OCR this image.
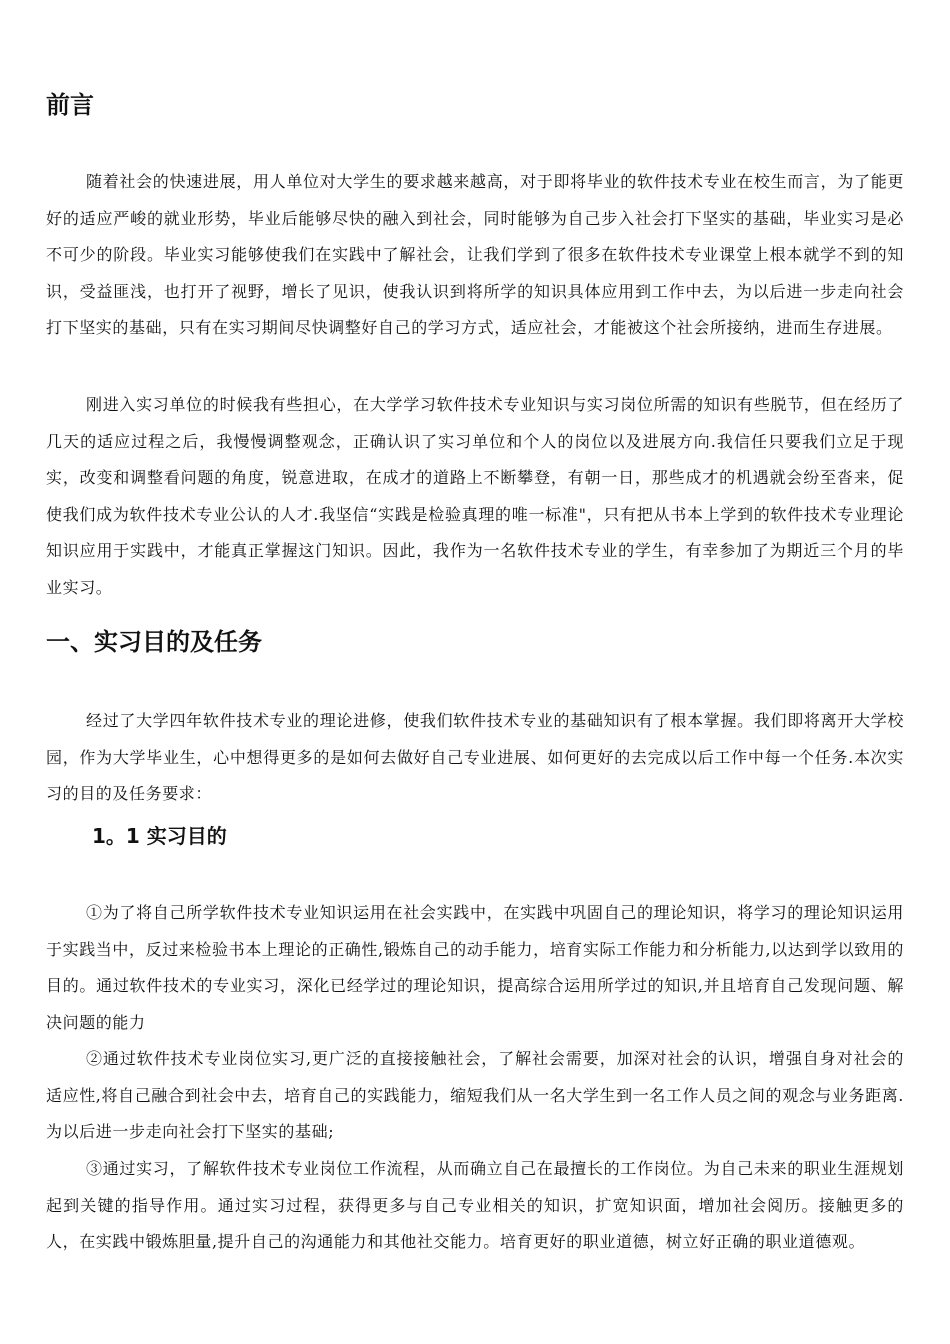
前言

随着社会的快速进展，用人单位对大学生的要求越来越高，对于即将毕业的软件技术专业在校生而言，为了能更好的适应严峻的就业形势，毕业后能够尽快的融入到社会，同时能够为自己步入社会打下坚实的基础，毕业实习是必不可少的阶段。毕业实习能够使我们在实践中了解社会，让我们学到了很多在软件技术专业课堂上根本就学不到的知识，受益匪浅，也打开了视野，增长了见识，使我认识到将所学的知识具体应用到工作中去，为以后进一步走向社会打下坚实的基础，只有在实习期间尽快调整好自己的学习方式，适应社会，才能被这个社会所接纳，进而生存进展。

刚进入实习单位的时候我有些担心，在大学学习软件技术专业知识与实习岗位所需的知识有些脱节，但在经历了几天的适应过程之后，我慢慢调整观念，正确认识了实习单位和个人的岗位以及进展方向.我信任只要我们立足于现实，改变和调整看问题的角度，锐意进取，在成才的道路上不断攀登，有朝一日，那些成才的机遇就会纷至沓来，促使我们成为软件技术专业公认的人才.我坚信“实践是检验真理的唯一标准"，只有把从书本上学到的软件技术专业理论知识应用于实践中，才能真正掌握这门知识。因此，我作为一名软件技术专业的学生，有幸参加了为期近三个月的毕业实习。

一、实习目的及任务

经过了大学四年软件技术专业的理论进修，使我们软件技术专业的基础知识有了根本掌握。我们即将离开大学校园，作为大学毕业生，心中想得更多的是如何去做好自己专业进展、如何更好的去完成以后工作中每一个任务.本次实习的目的及任务要求：

1。1 实习目的

①为了将自己所学软件技术专业知识运用在社会实践中，在实践中巩固自己的理论知识，将学习的理论知识运用于实践当中，反过来检验书本上理论的正确性,锻炼自己的动手能力，培育实际工作能力和分析能力,以达到学以致用的目的。通过软件技术的专业实习，深化已经学过的理论知识，提高综合运用所学过的知识,并且培育自己发现问题、解决问题的能力

②通过软件技术专业岗位实习,更广泛的直接接触社会，了解社会需要，加深对社会的认识，增强自身对社会的适应性,将自己融合到社会中去，培育自己的实践能力，缩短我们从一名大学生到一名工作人员之间的观念与业务距离.为以后进一步走向社会打下坚实的基础;

③通过实习，了解软件技术专业岗位工作流程，从而确立自己在最擅长的工作岗位。为自己未来的职业生涯规划起到关键的指导作用。通过实习过程，获得更多与自己专业相关的知识，扩宽知识面，增加社会阅历。接触更多的人，在实践中锻炼胆量,提升自己的沟通能力和其他社交能力。培育更好的职业道德，树立好正确的职业道德观。
